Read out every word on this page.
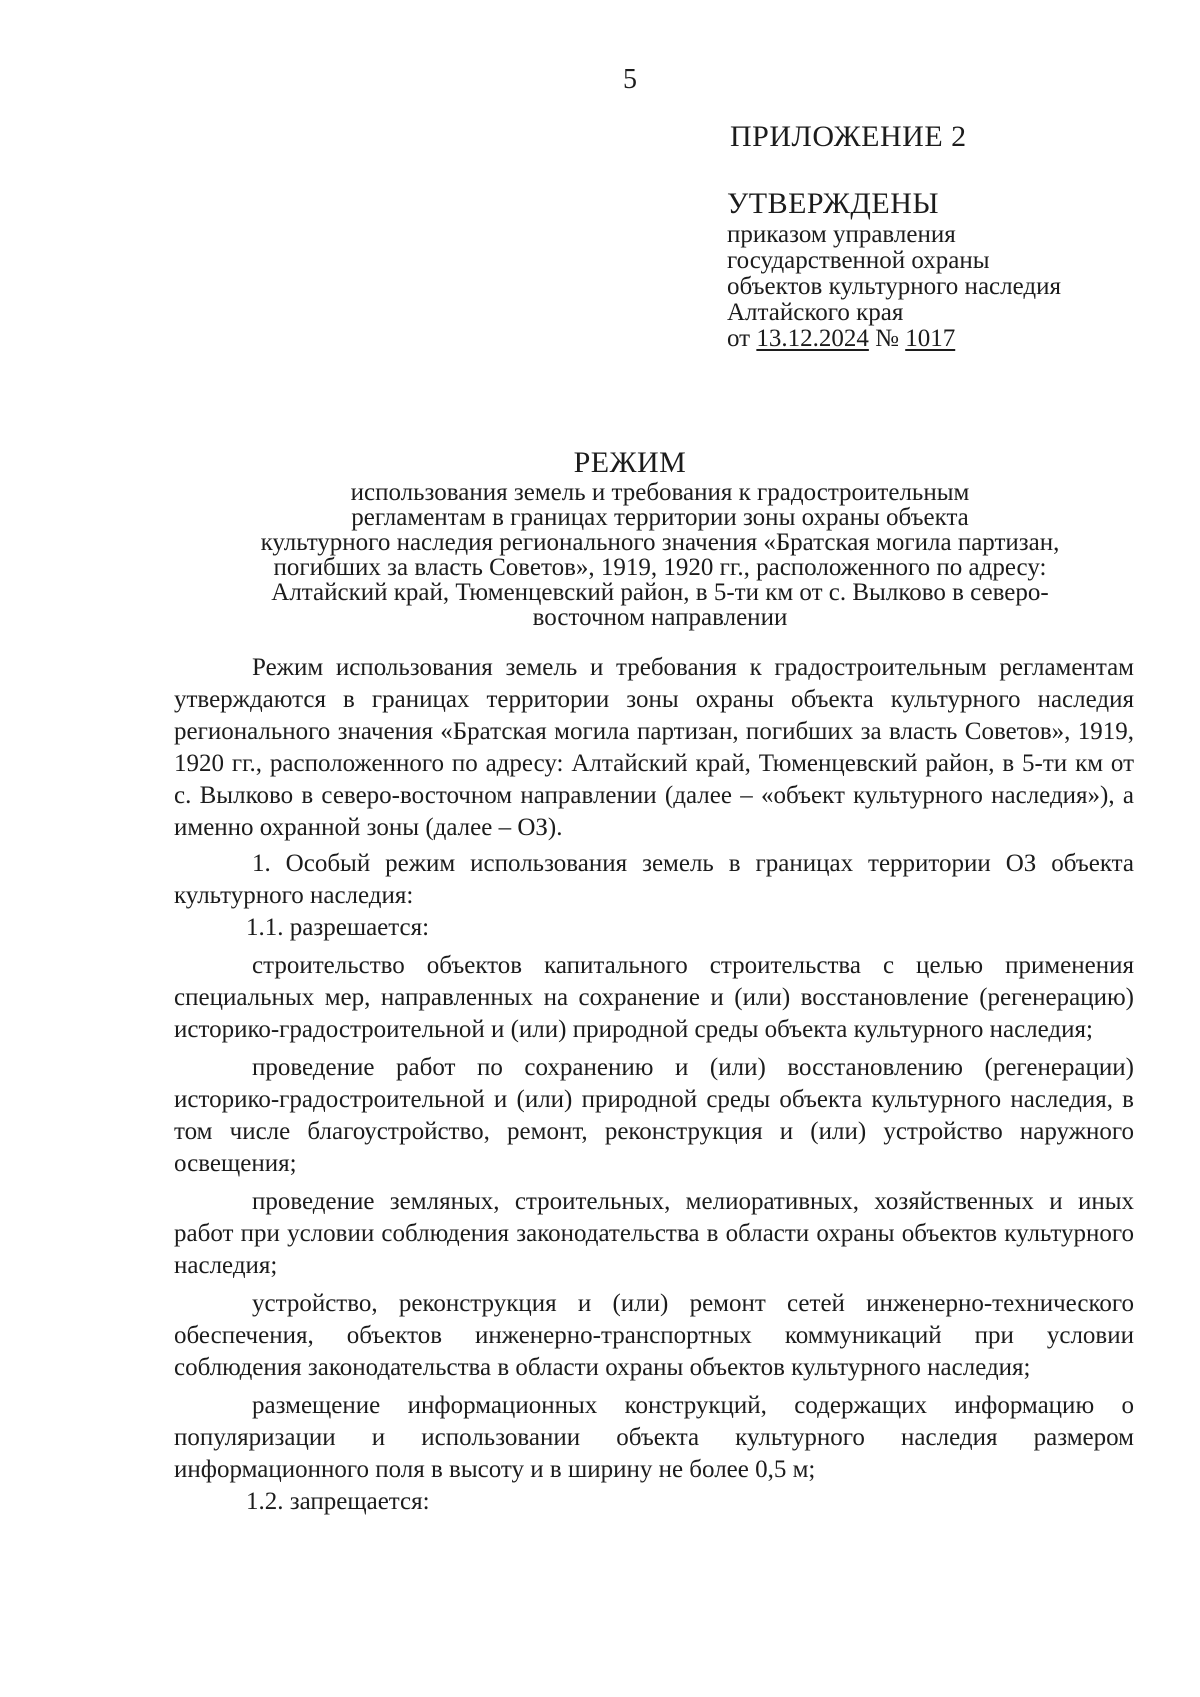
5
ПРИЛОЖЕНИЕ 2
УТВЕРЖДЕНЫ
приказом управления
государственной охраны
объектов культурного наследия
Алтайского края
от 13.12.2024 № 1017
РЕЖИМ
использования земель и требования к градостроительным
регламентам в границах территории зоны охраны объекта
культурного наследия регионального значения «Братская могила партизан,
погибших за власть Советов», 1919, 1920 гг., расположенного по адресу:
Алтайский край, Тюменцевский район, в 5-ти км от с. Вылково в северо-
восточном направлении

Режим использования земель и требования к градостроительным регламентам утверждаются в границах территории зоны охраны объекта культурного наследия регионального значения «Братская могила партизан, погибших за власть Советов», 1919, 1920 гг., расположенного по адресу: Алтайский край, Тюменцевский район, в 5-ти км от с. Вылково в северо-восточном направлении (далее – «объект культурного наследия»), а именно охранной зоны (далее – ОЗ).

1. Особый режим использования земель в границах территории ОЗ объекта культурного наследия:

1.1. разрешается:

строительство объектов капитального строительства с целью применения специальных мер, направленных на сохранение и (или) восстановление (регенерацию) историко-градостроительной и (или) природной среды объекта культурного наследия;

проведение работ по сохранению и (или) восстановлению (регенерации) историко-градостроительной и (или) природной среды объекта культурного наследия, в том числе благоустройство, ремонт, реконструкция и (или) устройство наружного освещения;

проведение земляных, строительных, мелиоративных, хозяйственных и иных работ при условии соблюдения законодательства в области охраны объектов культурного наследия;

устройство, реконструкция и (или) ремонт сетей инженерно-технического обеспечения, объектов инженерно-транспортных коммуникаций при условии соблюдения законодательства в области охраны объектов культурного наследия;

размещение информационных конструкций, содержащих информацию о популяризации и использовании объекта культурного наследия размером информационного поля в высоту и в ширину не более 0,5 м;

1.2. запрещается:
